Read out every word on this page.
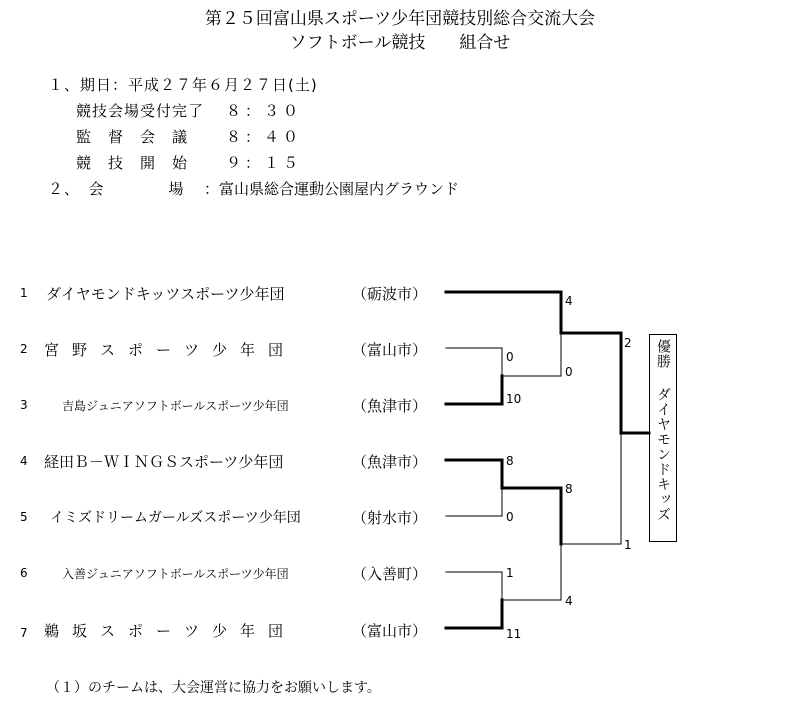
第２５回富山県スポーツ少年団競技別総合交流大会
ソフトボール競技　　組合せ
１、期日：平成２７年６月２７日(土)
競技会場受付完了 ８：３０
監　督　会　議	８：４０
競　技　開　始	９：１５
２、　会　　　　場 ：富山県総合運動公園屋内グラウンド
1 ダイヤモンドキッツスポーツ少年団	（砺波市）
2 宮　野　ス　ポ　ー　ツ　少　年　団	（富山市）
3	吉島ジュニアソフトボールスポーツ少年団	（魚津市）
4 経田Ｂ－ＷＩＮＧＳスポーツ少年団	（魚津市）
5 イミズドリームガールズスポーツ少年団	（射水市）
6	入善ジュニアソフトボールスポーツ少年団	（入善町）
7 鵜　坂　ス　ポ　ー　ツ　少　年　団	（富山市）
0
10
8
0
1
11
4
0
8
4
2
1
優勝
ダイヤモンドキッズ
（１）のチームは、大会運営に協力をお願いします。
